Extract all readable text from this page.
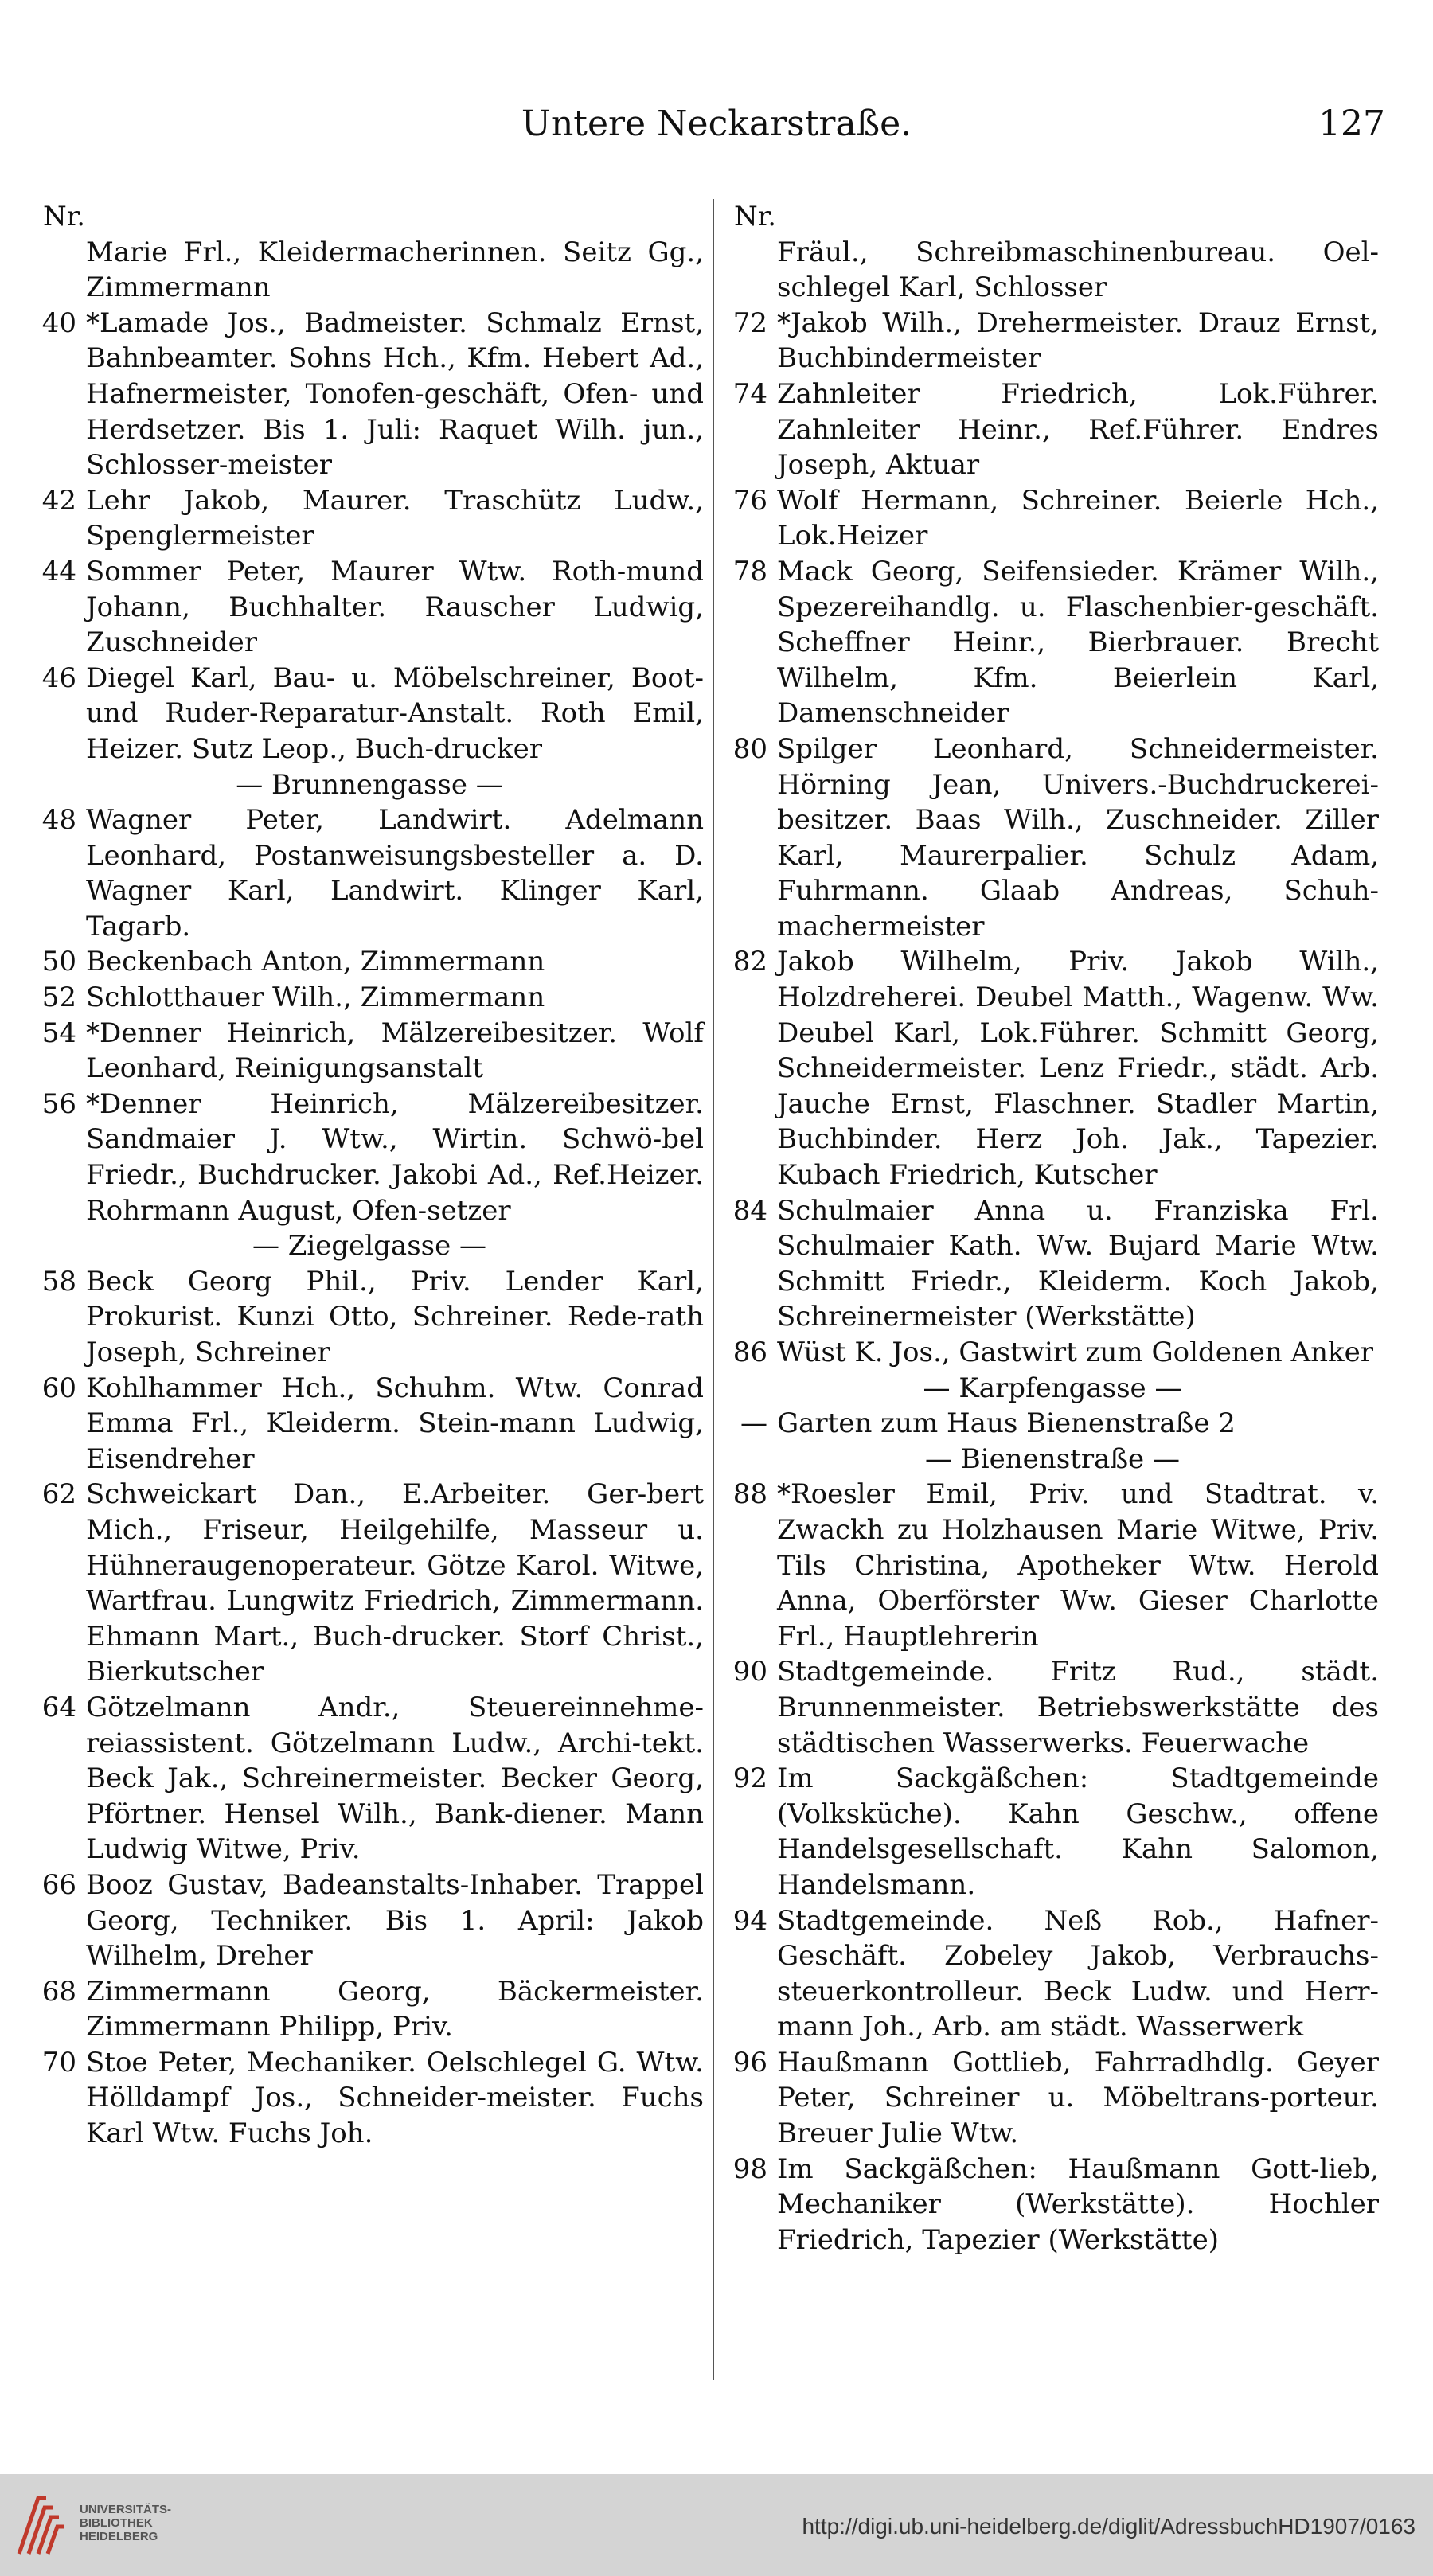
Untere Neckarstraße.	127
Nr.
Marie Frl., Kleidermacherinnen. Seitz Gg., Zimmermann
40 *Lamade Jos., Badmeister. Schmalz Ernst, Bahnbeamter. Sohns Hch., Kfm. Hebert Ad., Hafnermeister, Tonofen-geschäft, Ofen- und Herdsetzer. Bis 1. Juli: Raquet Wilh. jun., Schlosser-meister
42 Lehr Jakob, Maurer. Traschütz Ludw., Spenglermeister
44 Sommer Peter, Maurer Wtw. Roth-mund Johann, Buchhalter. Rauscher Ludwig, Zuschneider
46 Diegel Karl, Bau- u. Möbelschreiner, Boot- und Ruder-Reparatur-Anstalt. Roth Emil, Heizer. Sutz Leop., Buch-drucker
— Brunnengasse —
48 Wagner Peter, Landwirt. Adelmann Leonhard, Postanweisungsbesteller a. D. Wagner Karl, Landwirt. Klinger Karl, Tagarb.
50 Beckenbach Anton, Zimmermann
52 Schlotthauer Wilh., Zimmermann
54 *Denner Heinrich, Mälzereibesitzer. Wolf Leonhard, Reinigungsanstalt
56 *Denner Heinrich, Mälzereibesitzer. Sandmaier J. Wtw., Wirtin. Schwö-bel Friedr., Buchdrucker. Jakobi Ad., Ref.Heizer. Rohrmann August, Ofen-setzer
— Ziegelgasse —
58 Beck Georg Phil., Priv. Lender Karl, Prokurist. Kunzi Otto, Schreiner. Rede-rath Joseph, Schreiner
60 Kohlhammer Hch., Schuhm. Wtw. Conrad Emma Frl., Kleiderm. Stein-mann Ludwig, Eisendreher
62 Schweickart Dan., E.Arbeiter. Ger-bert Mich., Friseur, Heilgehilfe, Masseur u. Hühneraugenoperateur. Götze Karol. Witwe, Wartfrau. Lungwitz Friedrich, Zimmermann. Ehmann Mart., Buch-drucker. Storf Christ., Bierkutscher
64 Götzelmann Andr., Steuereinnehme-reiassistent. Götzelmann Ludw., Archi-tekt. Beck Jak., Schreinermeister. Becker Georg, Pförtner. Hensel Wilh., Bank-diener. Mann Ludwig Witwe, Priv.
66 Booz Gustav, Badeanstalts-Inhaber. Trappel Georg, Techniker. Bis 1. April: Jakob Wilhelm, Dreher
68 Zimmermann Georg, Bäckermeister. Zimmermann Philipp, Priv.
70 Stoe Peter, Mechaniker. Oelschlegel G. Wtw. Hölldampf Jos., Schneider-meister. Fuchs Karl Wtw. Fuchs Joh.
Nr.
Fräul., Schreibmaschinenbureau. Oel-schlegel Karl, Schlosser
72 *Jakob Wilh., Drehermeister. Drauz Ernst, Buchbindermeister
74 Zahnleiter Friedrich, Lok.Führer. Zahnleiter Heinr., Ref.Führer. Endres Joseph, Aktuar
76 Wolf Hermann, Schreiner. Beierle Hch., Lok.Heizer
78 Mack Georg, Seifensieder. Krämer Wilh., Spezereihandlg. u. Flaschenbier-geschäft. Scheffner Heinr., Bierbrauer. Brecht Wilhelm, Kfm. Beierlein Karl, Damenschneider
80 Spilger Leonhard, Schneidermeister. Hörning Jean, Univers.-Buchdruckerei-besitzer. Baas Wilh., Zuschneider. Ziller Karl, Maurerpalier. Schulz Adam, Fuhrmann. Glaab Andreas, Schuh-machermeister
82 Jakob Wilhelm, Priv. Jakob Wilh., Holzdreherei. Deubel Matth., Wagenw. Ww. Deubel Karl, Lok.Führer. Schmitt Georg, Schneidermeister. Lenz Friedr., städt. Arb. Jauche Ernst, Flaschner. Stadler Martin, Buchbinder. Herz Joh. Jak., Tapezier. Kubach Friedrich, Kutscher
84 Schulmaier Anna u. Franziska Frl. Schulmaier Kath. Ww. Bujard Marie Wtw. Schmitt Friedr., Kleiderm. Koch Jakob, Schreinermeister (Werkstätte)
86 Wüst K. Jos., Gastwirt zum Goldenen Anker
— Karpfengasse —
— Garten zum Haus Bienenstraße 2
— Bienenstraße —
88 *Roesler Emil, Priv. und Stadtrat. v. Zwackh zu Holzhausen Marie Witwe, Priv. Tils Christina, Apotheker Wtw. Herold Anna, Oberförster Ww. Gieser Charlotte Frl., Hauptlehrerin
90 Stadtgemeinde. Fritz Rud., städt. Brunnenmeister. Betriebswerkstätte des städtischen Wasserwerks. Feuerwache
92 Im Sackgäßchen: Stadtgemeinde (Volksküche). Kahn Geschw., offene Handelsgesellschaft. Kahn Salomon, Handelsmann.
94 Stadtgemeinde. Neß Rob., Hafner-Geschäft. Zobeley Jakob, Verbrauchs-steuerkontrolleur. Beck Ludw. und Herr-mann Joh., Arb. am städt. Wasserwerk
96 Haußmann Gottlieb, Fahrradhdlg. Geyer Peter, Schreiner u. Möbeltrans-porteur. Breuer Julie Wtw.
98 Im Sackgäßchen: Haußmann Gott-lieb, Mechaniker (Werkstätte). Hochler Friedrich, Tapezier (Werkstätte)
UNIVERSITÄTS-
BIBLIOTHEK
HEIDELBERG	http://digi.ub.uni-heidelberg.de/diglit/AdressbuchHD1907/0163
